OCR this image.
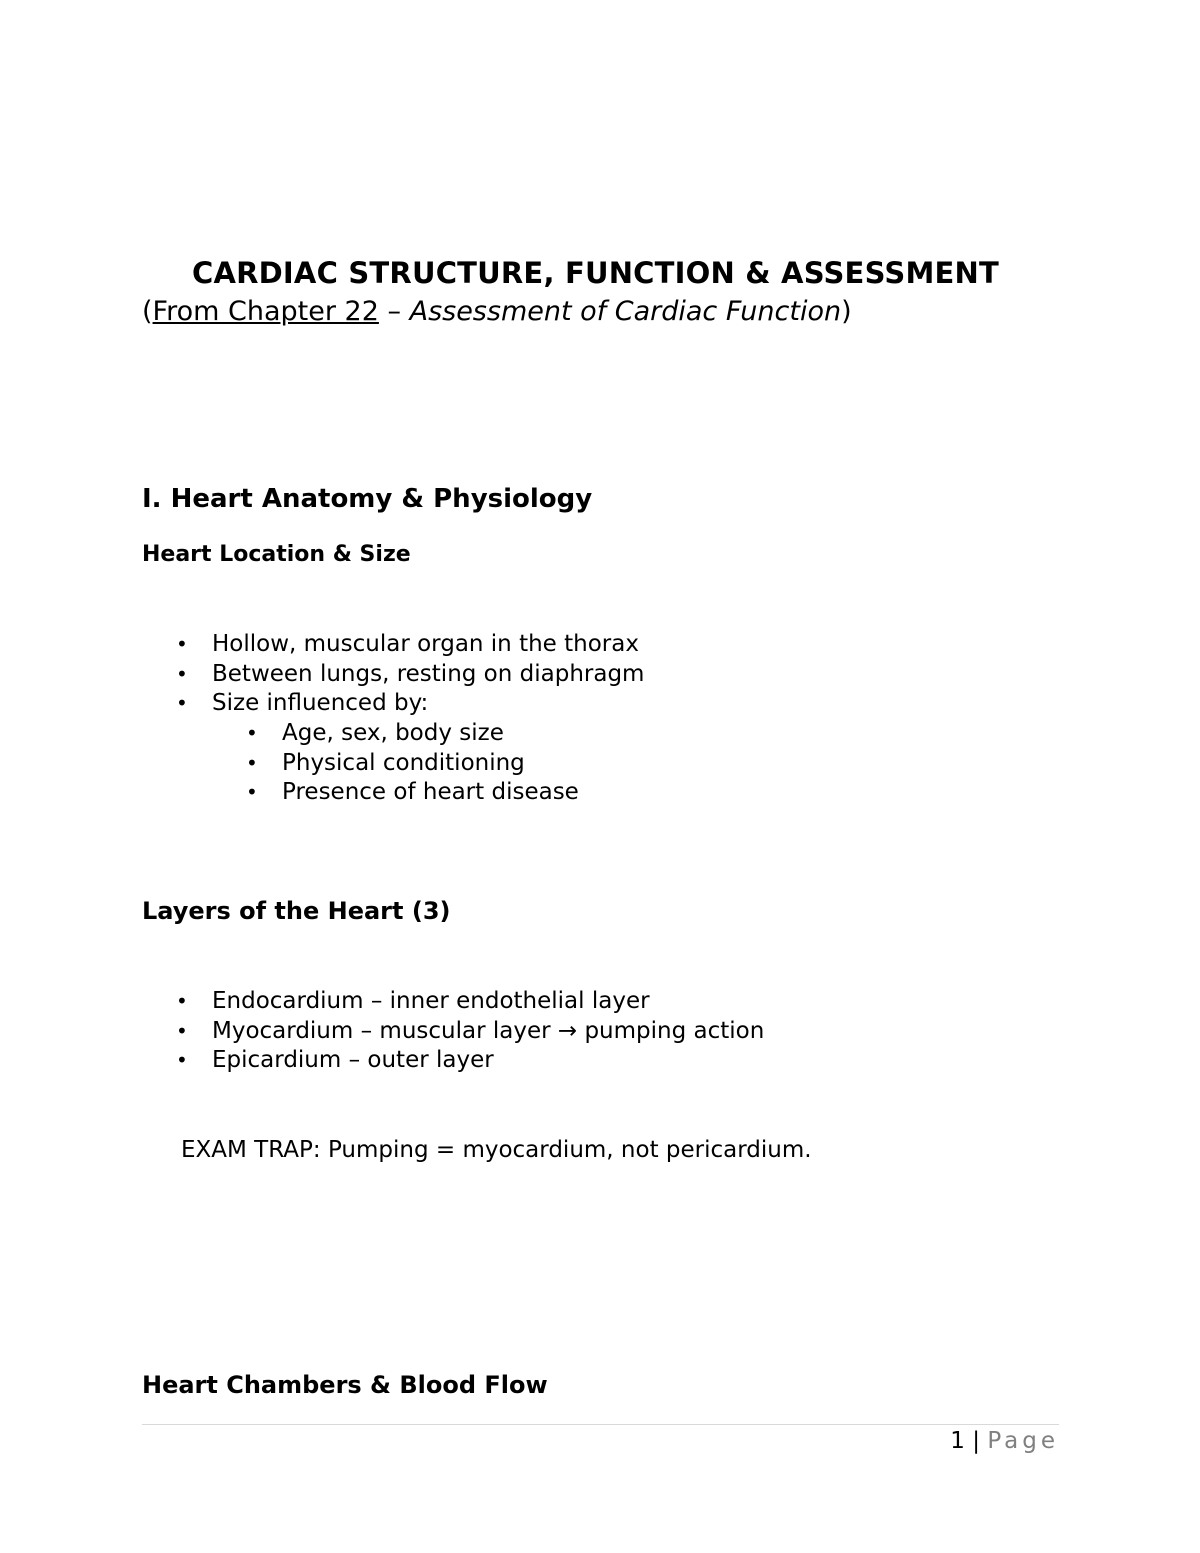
CARDIAC STRUCTURE, FUNCTION & ASSESSMENT
(From Chapter 22 – Assessment of Cardiac Function)
I. Heart Anatomy & Physiology
Heart Location & Size
• Hollow, muscular organ in the thorax
• Between lungs, resting on diaphragm
• Size influenced by:
• Age, sex, body size
• Physical conditioning
• Presence of heart disease
Layers of the Heart (3)
• Endocardium – inner endothelial layer
• Myocardium – muscular layer → pumping action
• Epicardium – outer layer
EXAM TRAP: Pumping = myocardium, not pericardium.
Heart Chambers & Blood Flow
1 | Page
